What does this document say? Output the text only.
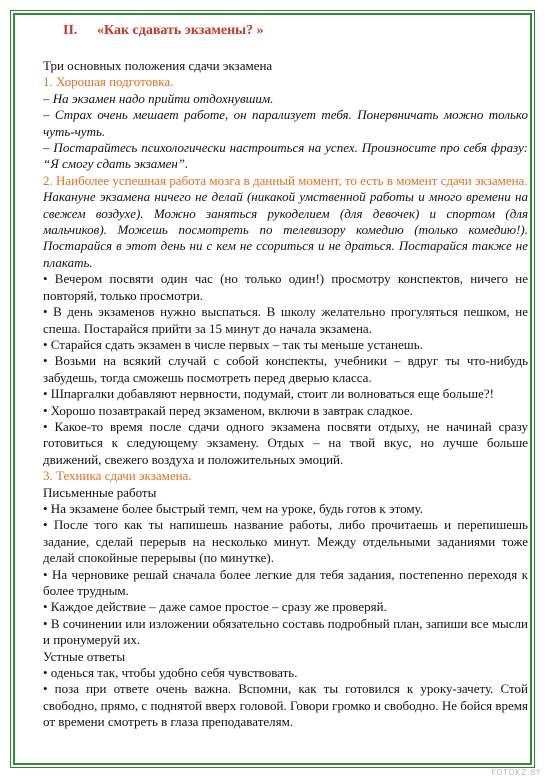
II. «Как сдавать экзамены? »

Три основных положения сдачи экзамена

1. Хорошая подготовка.

– На экзамен надо прийти отдохнувшим.

– Страх очень мешает работе, он парализует тебя. Понервничать можно только чуть-чуть.

– Постарайтесь психологически настроиться на успех. Произносите про себя фразу: “Я смогу сдать экзамен”.

2. Наиболее успешная работа мозга в данный момент, то есть в момент сдачи экзамена.

Накануне экзамена ничего не делай (никакой умственной работы и много времени на свежем воздухе). Можно заняться рукоделием (для девочек) и спортом (для мальчиков). Можешь посмотреть по телевизору комедию (только комедию!). Постарайся в этот день ни с кем не ссориться и не драться. Постарайся также не плакать.

• Вечером посвяти один час (но только один!) просмотру конспектов, ничего не повторяй, только просмотри.

• В день экзаменов нужно выспаться. В школу желательно прогуляться пешком, не спеша. Постарайся прийти за 15 минут до начала экзамена.

• Старайся сдать экзамен в числе первых – так ты меньше устанешь.

• Возьми на всякий случай с собой конспекты, учебники – вдруг ты что-нибудь забудешь, тогда сможешь посмотреть перед дверью класса.

• Шпаргалки добавляют нервности, подумай, стоит ли волноваться еще больше?!

• Хорошо позавтракай перед экзаменом, включи в завтрак сладкое.

• Какое-то время после сдачи одного экзамена посвяти отдыху, не начинай сразу готовиться к следующему экзамену. Отдых – на твой вкус, но лучше больше движений, свежего воздуха и положительных эмоций.

3. Техника сдачи экзамена.

Письменные работы

• На экзамене более быстрый темп, чем на уроке, будь готов к этому.

• После того как ты напишешь название работы, либо прочитаешь и перепишешь задание, сделай перерыв на несколько минут. Между отдельными заданиями тоже делай спокойные перерывы (по минутке).

• На черновике решай сначала более легкие для тебя задания, постепенно переходя к более трудным.

• Каждое действие – даже самое простое – сразу же проверяй.

• В сочинении или изложении обязательно составь подробный план, запиши все мысли и пронумеруй их.

Устные ответы

• оденься так, чтобы удобно себя чувствовать.

• поза при ответе очень важна. Вспомни, как ты готовился к уроку-зачету. Стой свободно, прямо, с поднятой вверх головой. Говори громко и свободно. Не бойся время от времени смотреть в глаза преподавателям.

FOTOKZ.BY
